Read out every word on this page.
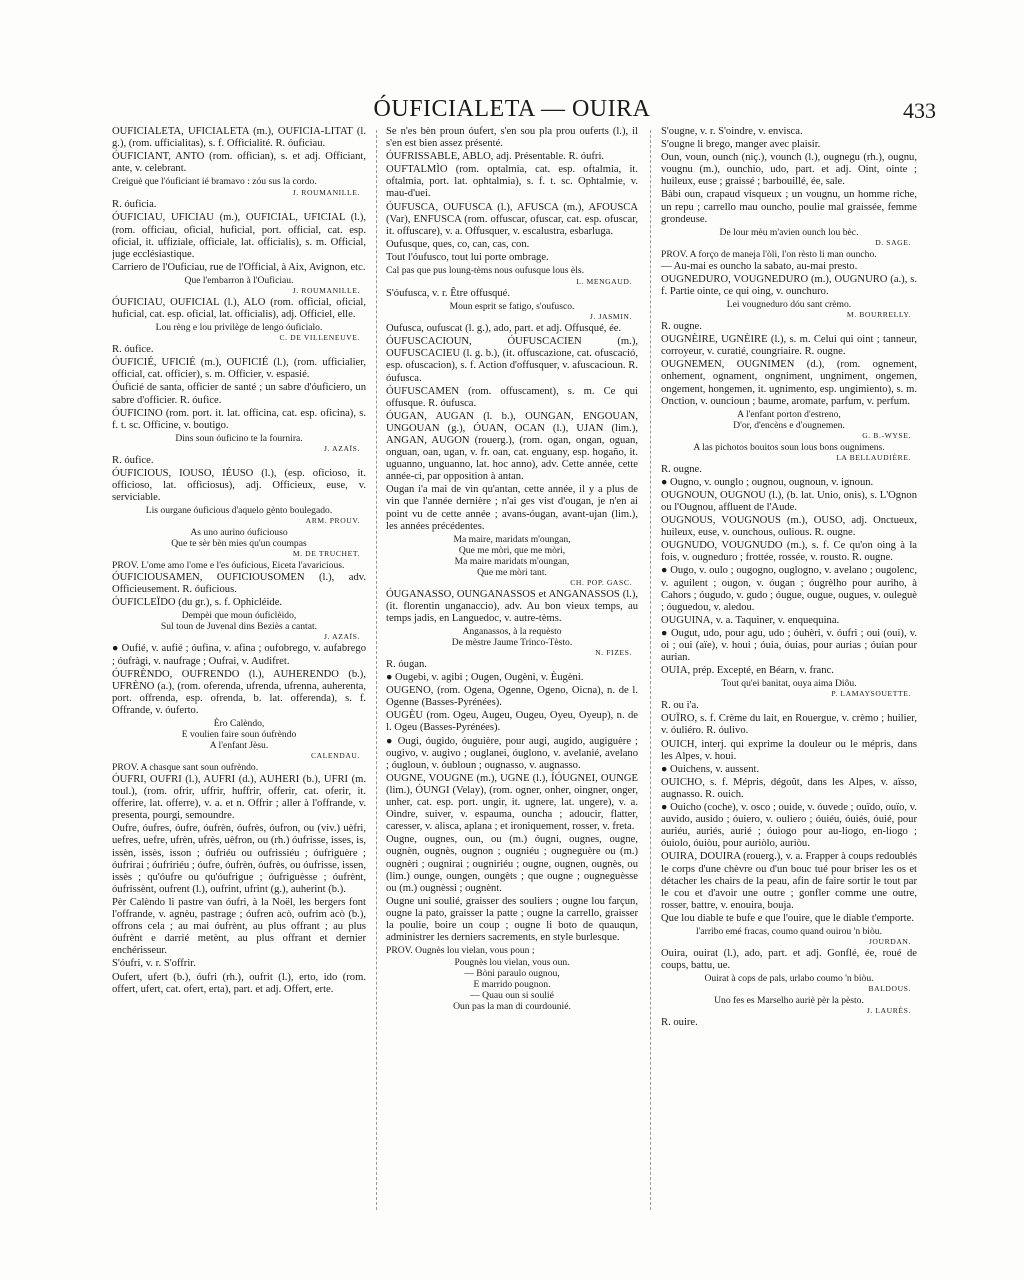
ÓUFICIALETA — OUIRA	433

ÓUFICIALETA, UFICIALETA (m.), OUFICIA-LITAT (l. g.), (rom. ufficialitas), s. f. Officialité. R. óuficiau.

ÓUFICIANT, ANTO (rom. offician), s. et adj. Officiant, ante, v. celebrant.

Creiguè que l'óuficiant ié bramavo : zóu sus la cordo.

J. ROUMANILLE.

R. óuficia.

ÓUFICIAU, UFICIAU (m.), OUFICIAL, UFICIAL (l.), (rom. officiau, oficial, huficial, port. official, cat. esp. oficial, it. uffiziale, officiale, lat. officialis), s. m. Official, juge ecclésiastique.

Carriero de l'Ouficiau, rue de l'Official, à Aix, Avignon, etc.

Que l'embarron à l'Ouficiau.

J. ROUMANILLE.

ÓUFICIAU, OUFICIAL (l.), ALO (rom. official, oficial, huficial, cat. esp. oficial, lat. officialis), adj. Officiel, elle.

Lou rèng e lou privilège de lengo óuficialo.

C. DE VILLENEUVE.

R. óufice.

ÓUFICIÉ, UFICIÉ (m.), OUFICIÉ (l.), (rom. ufficialier, official, cat. officier), s. m. Officier, v. espasié.

Óuficié de santa, officier de santé ; un sabre d'óuficiero, un sabre d'officier. R. óufice.

ÓUFICINO (rom. port. it. lat. officina, cat. esp. oficina), s. f. t. sc. Officine, v. boutigo.

Dins soun óuficino te la fournira.

J. AZAÏS.

R. óufice.

ÓUFICIOUS, IOUSO, IÉUSO (l.), (esp. oficioso, it. officioso, lat. officiosus), adj. Officieux, euse, v. serviciable.

Lis ourgane óuficious d'aquelo gènto boulegado.

ARM. PROUV.

As uno aurino óuficiouso

Que te sèr bèn mies qu'un coumpas

M. DE TRUCHET.

PROV. L'ome amo l'ome e l'es óuficious, Eiceta l'avaricious.

ÓUFICIOUSAMEN, OUFICIOUSOMEN (l.), adv. Officieusement. R. óuficious.

ÓUFICLEÏDO (du gr.), s. f. Ophicléide.

Dempèi que moun óuficlèido,

Sul toun de Juvenal dins Beziès a cantat.

J. AZAÏS.

● Oufié, v. aufié ; óufina, v. afina ; oufobrego, v. aufabrego ; óufràgi, v. naufrage ; Oufrai, v. Audifret.

ÓUFRÈNDO, OUFRENDO (l.), AUHERENDO (b.), UFRÈNO (a.), (rom. oferenda, ufrenda, ufrenna, auherenta, port. offrenda, esp. ofrenda, b. lat. offerenda), s. f. Offrande, v. óuferto.

Èro Calèndo,

E voulien faire soun óufrèndo

A l'enfant Jèsu.

CALENDAU.

PROV. A chasque sant soun oufrèndo.

ÓUFRI, OUFRI (l.), AUFRI (d.), AUHERI (b.), UFRI (m. toul.), (rom. ofrir, uffrir, huffrir, offerir, cat. oferir, it. offerire, lat. offerre), v. a. et n. Offrir ; aller à l'offrande, v. presenta, pourgi, semoundre.

Oufre, óufres, óufre, óufrèn, óufrès, óufron, ou (viv.) uèfri, uefres, uefre, ufrèn, ufrès, uèfron, ou (rh.) óufrisse, isses, is, issèn, issès, isson ; óufriéu ou oufrissiéu ; óufriguère ; óufrirai ; óufririéu ; óufre, óufrèn, óufrès, ou óufrisse, issen, issès ; qu'óufre ou qu'óufrigue ; óufriguèsse ; óufrènt, óufrissènt, oufrent (l.), oufrint, ufrint (g.), auherint (b.).

Pèr Calèndo li pastre van óufri, à la Noël, les bergers font l'offrande, v. agnèu, pastrage ; óufren acò, oufrim acò (b.), offrons cela ; au mai óufrènt, au plus offrant ; au plus óufrènt e darrié metènt, au plus offrant et dernier enchérisseur.

S'óufri, v. r. S'offrir.

Oufert, ufert (b.), óufri (rh.), oufrit (l.), erto, ido (rom. offert, ufert, cat. ofert, erta), part. et adj. Offert, erte.

Se n'es bèn proun óufert, s'en sou pla prou ouferts (l.), il s'en est bien assez présenté.

ÓUFRISSABLE, ABLO, adj. Présentable. R. óufri.

OUFTALMÌO (rom. optalmia, cat. esp. oftalmia, it. oftalmia, port. lat. ophtalmia), s. f. t. sc. Ophtalmie, v. mau-d'uei.

ÓUFUSCA, OUFUSCA (l.), AFUSCA (m.), AFOUSCA (Var), ENFUSCA (rom. offuscar, ofuscar, cat. esp. ofuscar, it. offuscare), v. a. Offusquer, v. escalustra, esbarluga.

Oufusque, ques, co, can, cas, con.

Tout l'óufusco, tout lui porte ombrage.

Cal pas que pus loung-tèms nous oufusque lous èls.

L. MENGAUD.

S'óufusca, v. r. Être offusqué.

Moun esprit se fatigo, s'oufusco.

J. JASMIN.

Oufusca, oufuscat (l. g.), ado, part. et adj. Offusqué, ée.

ÓUFUSCACIOUN, ÓUFUSCACIEN (m.), OUFUSCACIEU (l. g. b.), (it. offuscazione, cat. ofuscació, esp. ofuscacion), s. f. Action d'offusquer, v. afuscacioun. R. óufusca.

ÓUFUSCAMEN (rom. offuscament), s. m. Ce qui offusque. R. óufusca.

ÓUGAN, AUGAN (l. b.), OUNGAN, ENGOUAN, UNGOUAN (g.), ÓUAN, OCAN (l.), UJAN (lim.), ANGAN, AUGON (rouerg.), (rom. ogan, ongan, oguan, onguan, oan, ugan, v. fr. oan, cat. enguany, esp. hogaño, it. uguanno, unguanno, lat. hoc anno), adv. Cette année, cette année-ci, par opposition à antan.

Ougan i'a mai de vin qu'antan, cette année, il y a plus de vin que l'année dernière ; n'ai ges vist d'ougan, je n'en ai point vu de cette année ; avans-óugan, avant-ujan (lim.), les années précédentes.

Ma maire, maridats m'oungan,

Que me mòri, que me mòri,

Ma maire maridats m'oungan,

Que me mòri tant.

CH. POP. GASC.

ÓUGANASSO, OUNGANASSOS et ANGANASSOS (l.), (it. florentin unganaccio), adv. Au bon vieux temps, au temps jadis, en Languedoc, v. autre-tèms.

Anganassos, à la requèsto

De mèstre Jaume Trinco-Tèsto.

N. FIZES.

R. óugan.

● Ougebi, v. agibi ; Ougen, Ougèni, v. Èugèni.

OUGENO, (rom. Ogena, Ogenne, Ogeno, Oicna), n. de l. Ogenne (Basses-Pyrénées).

OUGÈU (rom. Ogeu, Augeu, Ougeu, Oyeu, Oyeup), n. de l. Ogeu (Basses-Pyrénées).

● Ougi, óugido, óuguière, pour augi, augido, augiguère ; ougivo, v. augivo ; ouglanei, óuglono, v. avelanié, avelano ; óugloun, v. óubloun ; ougnasso, v. augnasso.

OUGNE, VOUGNE (m.), UGNE (l.), ÍÓUGNEI, OUNGE (lim.), ÓUNGI (Velay), (rom. ogner, onher, oingner, onger, unher, cat. esp. port. ungir, it. ugnere, lat. ungere), v. a. Oindre, suiver, v. espauma, ouncha ; adoucir, flatter, caresser, v. alisca, aplana ; et ironiquement, rosser, v. freta.

Ougne, ougnes, oun, ou (m.) óugni, ougnes, ougne, ougnèn, ougnès, ougnon ; ougniéu ; ougneguère ou (m.) ougnèri ; ougnirai ; ougniriéu ; ougne, ougnen, ougnès, ou (lim.) ounge, oungen, oungèts ; que ougne ; ougneguèsse ou (m.) ougnèssi ; ougnènt.

Ougne uni soulié, graisser des souliers ; ougne lou farçun, ougne la pato, graisser la patte ; ougne la carrello, graisser la poulie, boire un coup ; ougne li boto de quauqun, administrer les derniers sacrements, en style burlesque.

PROV. Ougnès lou vielan, vous poun ;

Pougnès lou vielan, vous oun.

— Bòni paraulo ougnou,

E marrido pougnon.

— Quau oun si soulié

Oun pas la man di courdounié.

S'ougne, v. r. S'oindre, v. envisca.

S'ougne li brego, manger avec plaisir.

Oun, voun, ounch (niç.), vounch (l.), ougnegu (rh.), ougnu, vougnu (m.), ounchio, udo, part. et adj. Oint, ointe ; huileux, euse ; graissé ; barbouillé, ée, sale.

Bàbi oun, crapaud visqueux ; un vougnu, un homme riche, un repu ; carrello mau ouncho, poulie mal graissée, femme grondeuse.

De lour mèu m'avien ounch lou bèc.

D. SAGE.

PROV. A forço de maneja l'òli, l'on rèsto li man ouncho.

— Au-mai es ouncho la sabato, au-mai presto.

OUGNEDURO, VOUGNEDURO (m.), OUGNURO (a.), s. f. Partie ointe, ce qui oing, v. ounchuro.

Lei vougneduro dóu sant crèmo.

M. BOURRELLY.

R. ougne.

OUGNÈIRE, UGNÈIRE (l.), s. m. Celui qui oint ; tanneur, corroyeur, v. curatié, coungriaire. R. ougne.

OUGNEMEN, OUGNIMEN (d.), (rom. ognement, onhement, ognament, ongniment, ungniment, ongemen, ongement, hongemen, it. ugnimento, esp. ungimiento), s. m. Onction, v. ouncioun ; baume, aromate, parfum, v. perfum.

A l'enfant porton d'estreno,

D'or, d'encèns e d'ougnemen.

G. B.-WYSE.

A las pichotos bouitos soun lous bons ougnimens.

LA BELLAUDIÈRE.

R. ougne.

● Ougno, v. ounglo ; ougnou, ougnoun, v. ignoun.

OUGNOUN, OUGNOU (l.), (b. lat. Unio, onis), s. L'Ognon ou l'Ougnou, affluent de l'Aude.

OUGNOUS, VOUGNOUS (m.), OUSO, adj. Onctueux, huileux, euse, v. ounchous, oulious. R. ougne.

OUGNUDO, VOUGNUDO (m.), s. f. Ce qu'on oing à la fois, v. ougneduro ; frottée, rossée, v. rousto. R. ougne.

● Ougo, v. oulo ; ougogno, ouglogno, v. avelano ; ougolenc, v. aguilent ; ougon, v. óugan ; óugrèlho pour auriho, à Cahors ; óugudo, v. gudo ; óugue, ougue, ougues, v. ouleguè ; óuguedou, v. aledou.

OUGUINA, v. a. Taquiner, v. enquequina.

● Ougut, udo, pour agu, udo ; óuhèri, v. óufri ; oui (oui), v. oi ; oui (aïe), v. houi ; óuia, óuias, pour aurias ; óuian pour aurian.

OUIA, prép. Excepté, en Béarn, v. franc.

Tout qu'ei banitat, ouya aima Diôu.

P. LAMAYSOUETTE.

R. ou i'a.

OUÏRO, s. f. Crème du lait, en Rouergue, v. crèmo ; huilier, v. óuliéro. R. óulivo.

OUICH, interj. qui exprime la douleur ou le mépris, dans les Alpes, v. houi.

● Ouichens, v. aussent.

OUICHO, s. f. Mépris, dégoût, dans les Alpes, v. aïsso, augnasso. R. ouich.

● Ouicho (coche), v. osco ; ouide, v. óuvede ; ouïdo, ouïo, v. auvido, ausido ; óuiero, v. ouliero ; óuiéu, óuiés, óuié, pour auriéu, auriés, aurié ; óuiogo pour au-liogo, en-liogo ; óuiolo, óuiòu, pour auriòlo, auriòu.

OUIRA, DOUIRA (rouerg.), v. a. Frapper à coups redoublés le corps d'une chèvre ou d'un bouc tué pour briser les os et détacher les chairs de la peau, afin de faire sortir le tout par le cou et d'avoir une outre ; gonfler comme une outre, rosser, battre, v. enouira, bouja.

Que lou diable te bufe e que l'ouire, que le diable t'emporte.

l'arribo emé fracas, coumo quand ouirou 'n biòu.

JOURDAN.

Ouira, ouirat (l.), ado, part. et adj. Gonflé, ée, roué de coups, battu, ue.

Ouirat à cops de pals, urlabo coumo 'n biòu.

BALDOUS.

Uno fes es Marselho auriè pèr la pèsto.

J. LAURÈS.

R. ouire.
